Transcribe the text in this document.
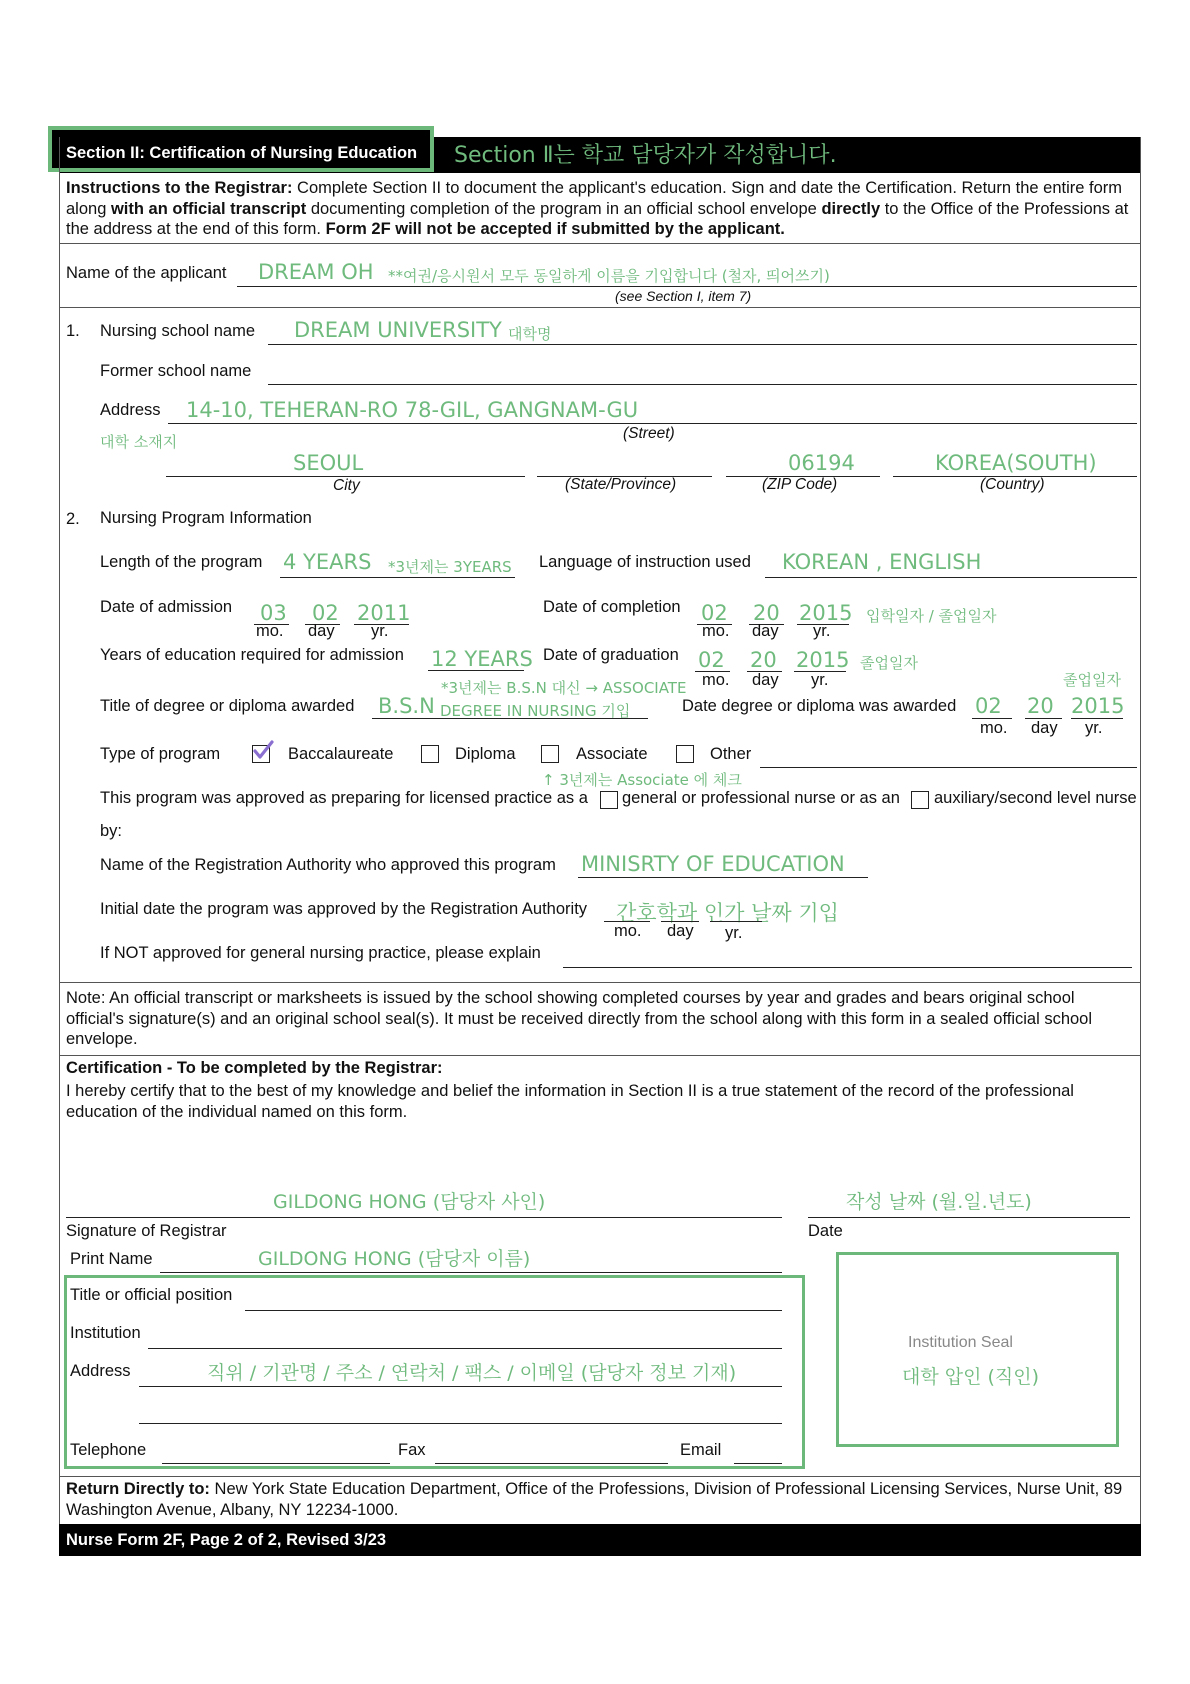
Section II: Certification of Nursing Education Section Ⅱ는 학교 담당자가 작성합니다.
Instructions to the Registrar: Complete Section II to document the applicant's education. Sign and date the Certification. Return the entire form along with an official transcript documenting completion of the program in an official school envelope directly to the Office of the Professions at the address at the end of this form. Form 2F will not be accepted if submitted by the applicant.
Name of the applicant DREAM OH **여권/응시원서 모두 동일하게 이름을 기입합니다 (철자, 띄어쓰기)
(see Section I, item 7)
1. Nursing school name DREAM UNIVERSITY 대학명
Former school name
Address 14-10, TEHERAN-RO 78-GIL, GANGNAM-GU
대학 소재지	(Street)
SEOUL
City	(State/Province)
06194
(ZIP Code)
KOREA(SOUTH)
(Country)
2. Nursing Program Information
Length of the program 4 YEARS *3년제는 3YEARS Language of instruction used KOREAN , ENGLISH
Date of admission 03
mo.
02
day
2011
yr.
Date of completion 02
mo.
20
day
2015
yr.
입학일자 / 졸업일자
Years of education required for admission 12 YEARS
*3년제는 B.S.N 대신 → ASSOCIATE
Date of graduation 02
mo.
20
day
2015
yr.
졸업일자
졸업일자
Title of degree or diploma awarded B.S.N DEGREE IN NURSING 기입	Date degree or diploma was awarded 02
mo.
20
day
2015
yr.
Type of program	Baccalaureate	Diploma	Associate	Other
↑ 3년제는 Associate 에 체크
This program was approved as preparing for licensed practice as a general or professional nurse or as an auxiliary/second level nurse
by:
Name of the Registration Authority who approved this program MINISRTY OF EDUCATION
Initial date the program was approved by the Registration Authority 간호학과 인가 날짜 기입
mo. day yr.
If NOT approved for general nursing practice, please explain
Note: An official transcript or marksheets is issued by the school showing completed courses by year and grades and bears original school official's signature(s) and an original school seal(s). It must be received directly from the school along with this form in a sealed official school envelope.
Certification - To be completed by the Registrar:
I hereby certify that to the best of my knowledge and belief the information in Section II is a true statement of the record of the professional education of the individual named on this form.
GILDONG HONG (담당자 사인)
Signature of Registrar
작성 날짜 (월.일.년도)
Date
Print Name	GILDONG HONG (담당자 이름)
Title or official position
Institution
Address	직위 / 기관명 / 주소 / 연락처 / 팩스 / 이메일 (담당자 정보 기재)
Telephone	Fax	Email
Institution Seal
대학 압인 (직인)
Return Directly to: New York State Education Department, Office of the Professions, Division of Professional Licensing Services, Nurse Unit, 89 Washington Avenue, Albany, NY 12234-1000.
Nurse Form 2F, Page 2 of 2, Revised 3/23
